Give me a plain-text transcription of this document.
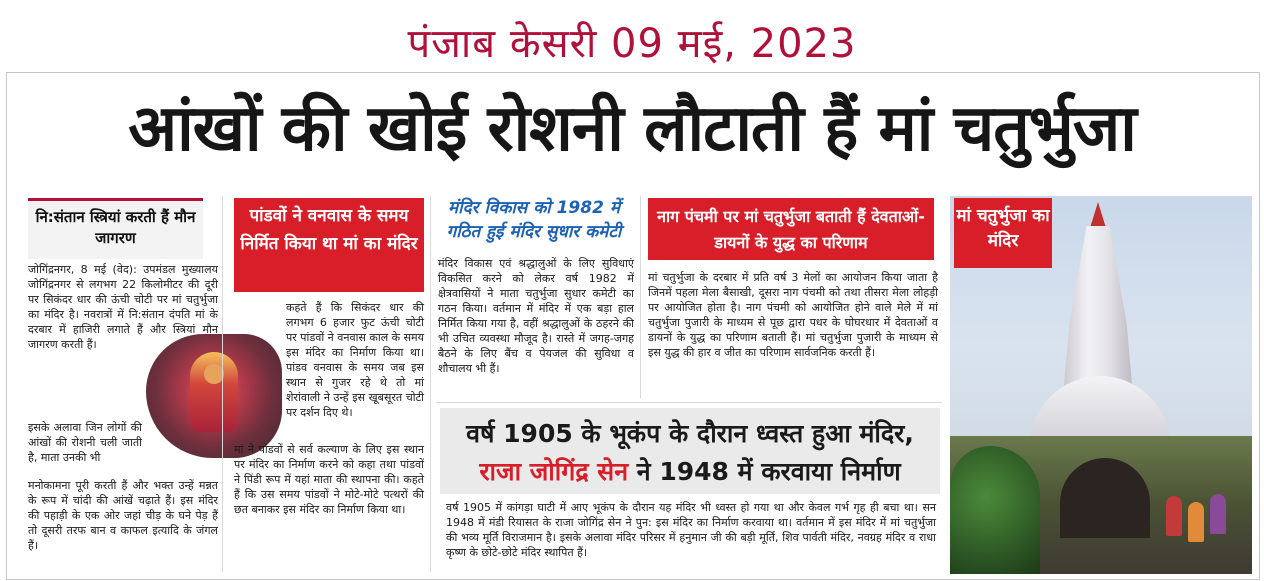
पंजाब केसरी 09 मई, 2023
आंखों की खोई रोशनी लौटाती हैं मां चतुर्भुजा
नि:संतान स्त्रियां करती हैं मौन जागरण
जोगिंद्रनगर, 8 मई (वेद): उपमंडल मुख्यालय जोगिंद्रनगर से लगभग 22 किलोमीटर की दूरी पर सिकंदर धार की ऊंची चोटी पर मां चतुर्भुजा का मंदिर है। नवरात्रों में नि:संतान दंपति मां के दरबार में हाजिरी लगाते हैं और स्त्रियां मौन जागरण करती हैं।
इसके अलावा जिन लोगों की आंखों की रोशनी चली जाती है, माता उनकी भी
मनोकामना पूरी करती हैं और भक्त उन्हें मन्नत के रूप में चांदी की आंखें चढ़ाते हैं। इस मंदिर की पहाड़ी के एक ओर जहां चीड़ के घने पेड़ हैं तो दूसरी तरफ बान व काफल इत्यादि के जंगल हैं।
पांडवों ने वनवास के समय निर्मित किया था मां का मंदिर
कहते हैं कि सिकंदर धार की लगभग 6 हजार फुट ऊंची चोटी पर पांडवों ने वनवास काल के समय इस मंदिर का निर्माण किया था। पांडव वनवास के समय जब इस स्थान से गुजर रहे थे तो मां शेरांवाली ने उन्हें इस खूबसूरत चोटी पर दर्शन दिए थे।
मां ने पांडवों से सर्व कल्याण के लिए इस स्थान पर मंदिर का निर्माण करने को कहा तथा पांडवों ने पिंडी रूप में यहां माता की स्थापना की। कहते हैं कि उस समय पांडवों ने मोटे-मोटे पत्थरों की छत बनाकर इस मंदिर का निर्माण किया था।
मंदिर विकास को 1982 में गठित हुई मंदिर सुधार कमेटी
मंदिर विकास एवं श्रद्धालुओं के लिए सुविधाएं विकसित करने को लेकर वर्ष 1982 में क्षेत्रवासियों ने माता चतुर्भुजा सुधार कमेटी का गठन किया। वर्तमान में मंदिर में एक बड़ा हाल निर्मित किया गया है, वहीं श्रद्धालुओं के ठहरने की भी उचित व्यवस्था मौजूद है। रास्ते में जगह-जगह बैठने के लिए बैंच व पेयजल की सुविधा व शौचालय भी हैं।
नाग पंचमी पर मां चतुर्भुजा बताती हैं देवताओं-डायनों के युद्ध का परिणाम
मां चतुर्भुजा के दरबार में प्रति वर्ष 3 मेलों का आयोजन किया जाता है जिनमें पहला मेला बैसाखी, दूसरा नाग पंचमी को तथा तीसरा मेला लोहड़ी पर आयोजित होता है। नाग पंचमी को आयोजित होने वाले मेले में मां चतुर्भुजा पुजारी के माध्यम से पूछ द्वारा पधर के घोघरधार में देवताओं व डायनों के युद्ध का परिणाम बताती हैं। मां चतुर्भुजा पुजारी के माध्यम से इस युद्ध की हार व जीत का परिणाम सार्वजनिक करती हैं।
वर्ष 1905 के भूकंप के दौरान ध्वस्त हुआ मंदिर,
राजा जोगिंद्र सेन ने 1948 में करवाया निर्माण
वर्ष 1905 में कांगड़ा घाटी में आए भूकंप के दौरान यह मंदिर भी ध्वस्त हो गया था और केवल गर्भ गृह ही बचा था। सन 1948 में मंडी रियासत के राजा जोगिंद्र सेन ने पुन: इस मंदिर का निर्माण करवाया था। वर्तमान में इस मंदिर में मां चतुर्भुजा की भव्य मूर्ति विराजमान है। इसके अलावा मंदिर परिसर में हनुमान जी की बड़ी मूर्ति, शिव पार्वती मंदिर, नवग्रह मंदिर व राधा कृष्ण के छोटे-छोटे मंदिर स्थापित हैं।
मां चतुर्भुजा का मंदिर
